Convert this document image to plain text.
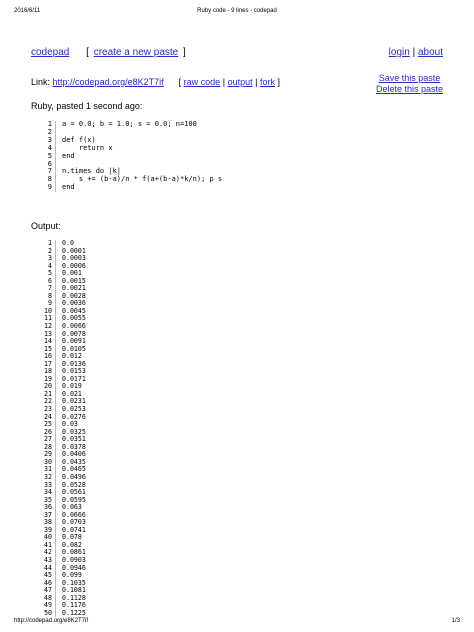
2016/6/11	Ruby code - 9 lines - codepad
codepad [ create a new paste ]	login | about
Link: http://codepad.org/e8K2T7if [ raw code | output | fork ]	Save this paste
Delete this paste
Ruby, pasted 1 second ago:
1	a = 0.0; b = 1.0; s = 0.0; n=100
2
3	def f(x)
4	return x
5	end
6
7	n.times do |k|
8	s += (b-a)/n * f(a+(b-a)*k/n); p s
9	end
Output:
1	0.0
2	0.0001
3	0.0003
4	0.0006
5	0.001
6	0.0015
7	0.0021
8	0.0028
9	0.0036
10	0.0045
11	0.0055
12	0.0066
13	0.0078
14	0.0091
15	0.0105
16	0.012
17	0.0136
18	0.0153
19	0.0171
20	0.019
21	0.021
22	0.0231
23	0.0253
24	0.0276
25	0.03
26	0.0325
27	0.0351
28	0.0378
29	0.0406
30	0.0435
31	0.0465
32	0.0496
33	0.0528
34	0.0561
35	0.0595
36	0.063
37	0.0666
38	0.0703
39	0.0741
40	0.078
41	0.082
42	0.0861
43	0.0903
44	0.0946
45	0.099
46	0.1035
47	0.1081
48	0.1128
49	0.1176
50	0.1225
http://codepad.org/e8K2T7if	1/3
